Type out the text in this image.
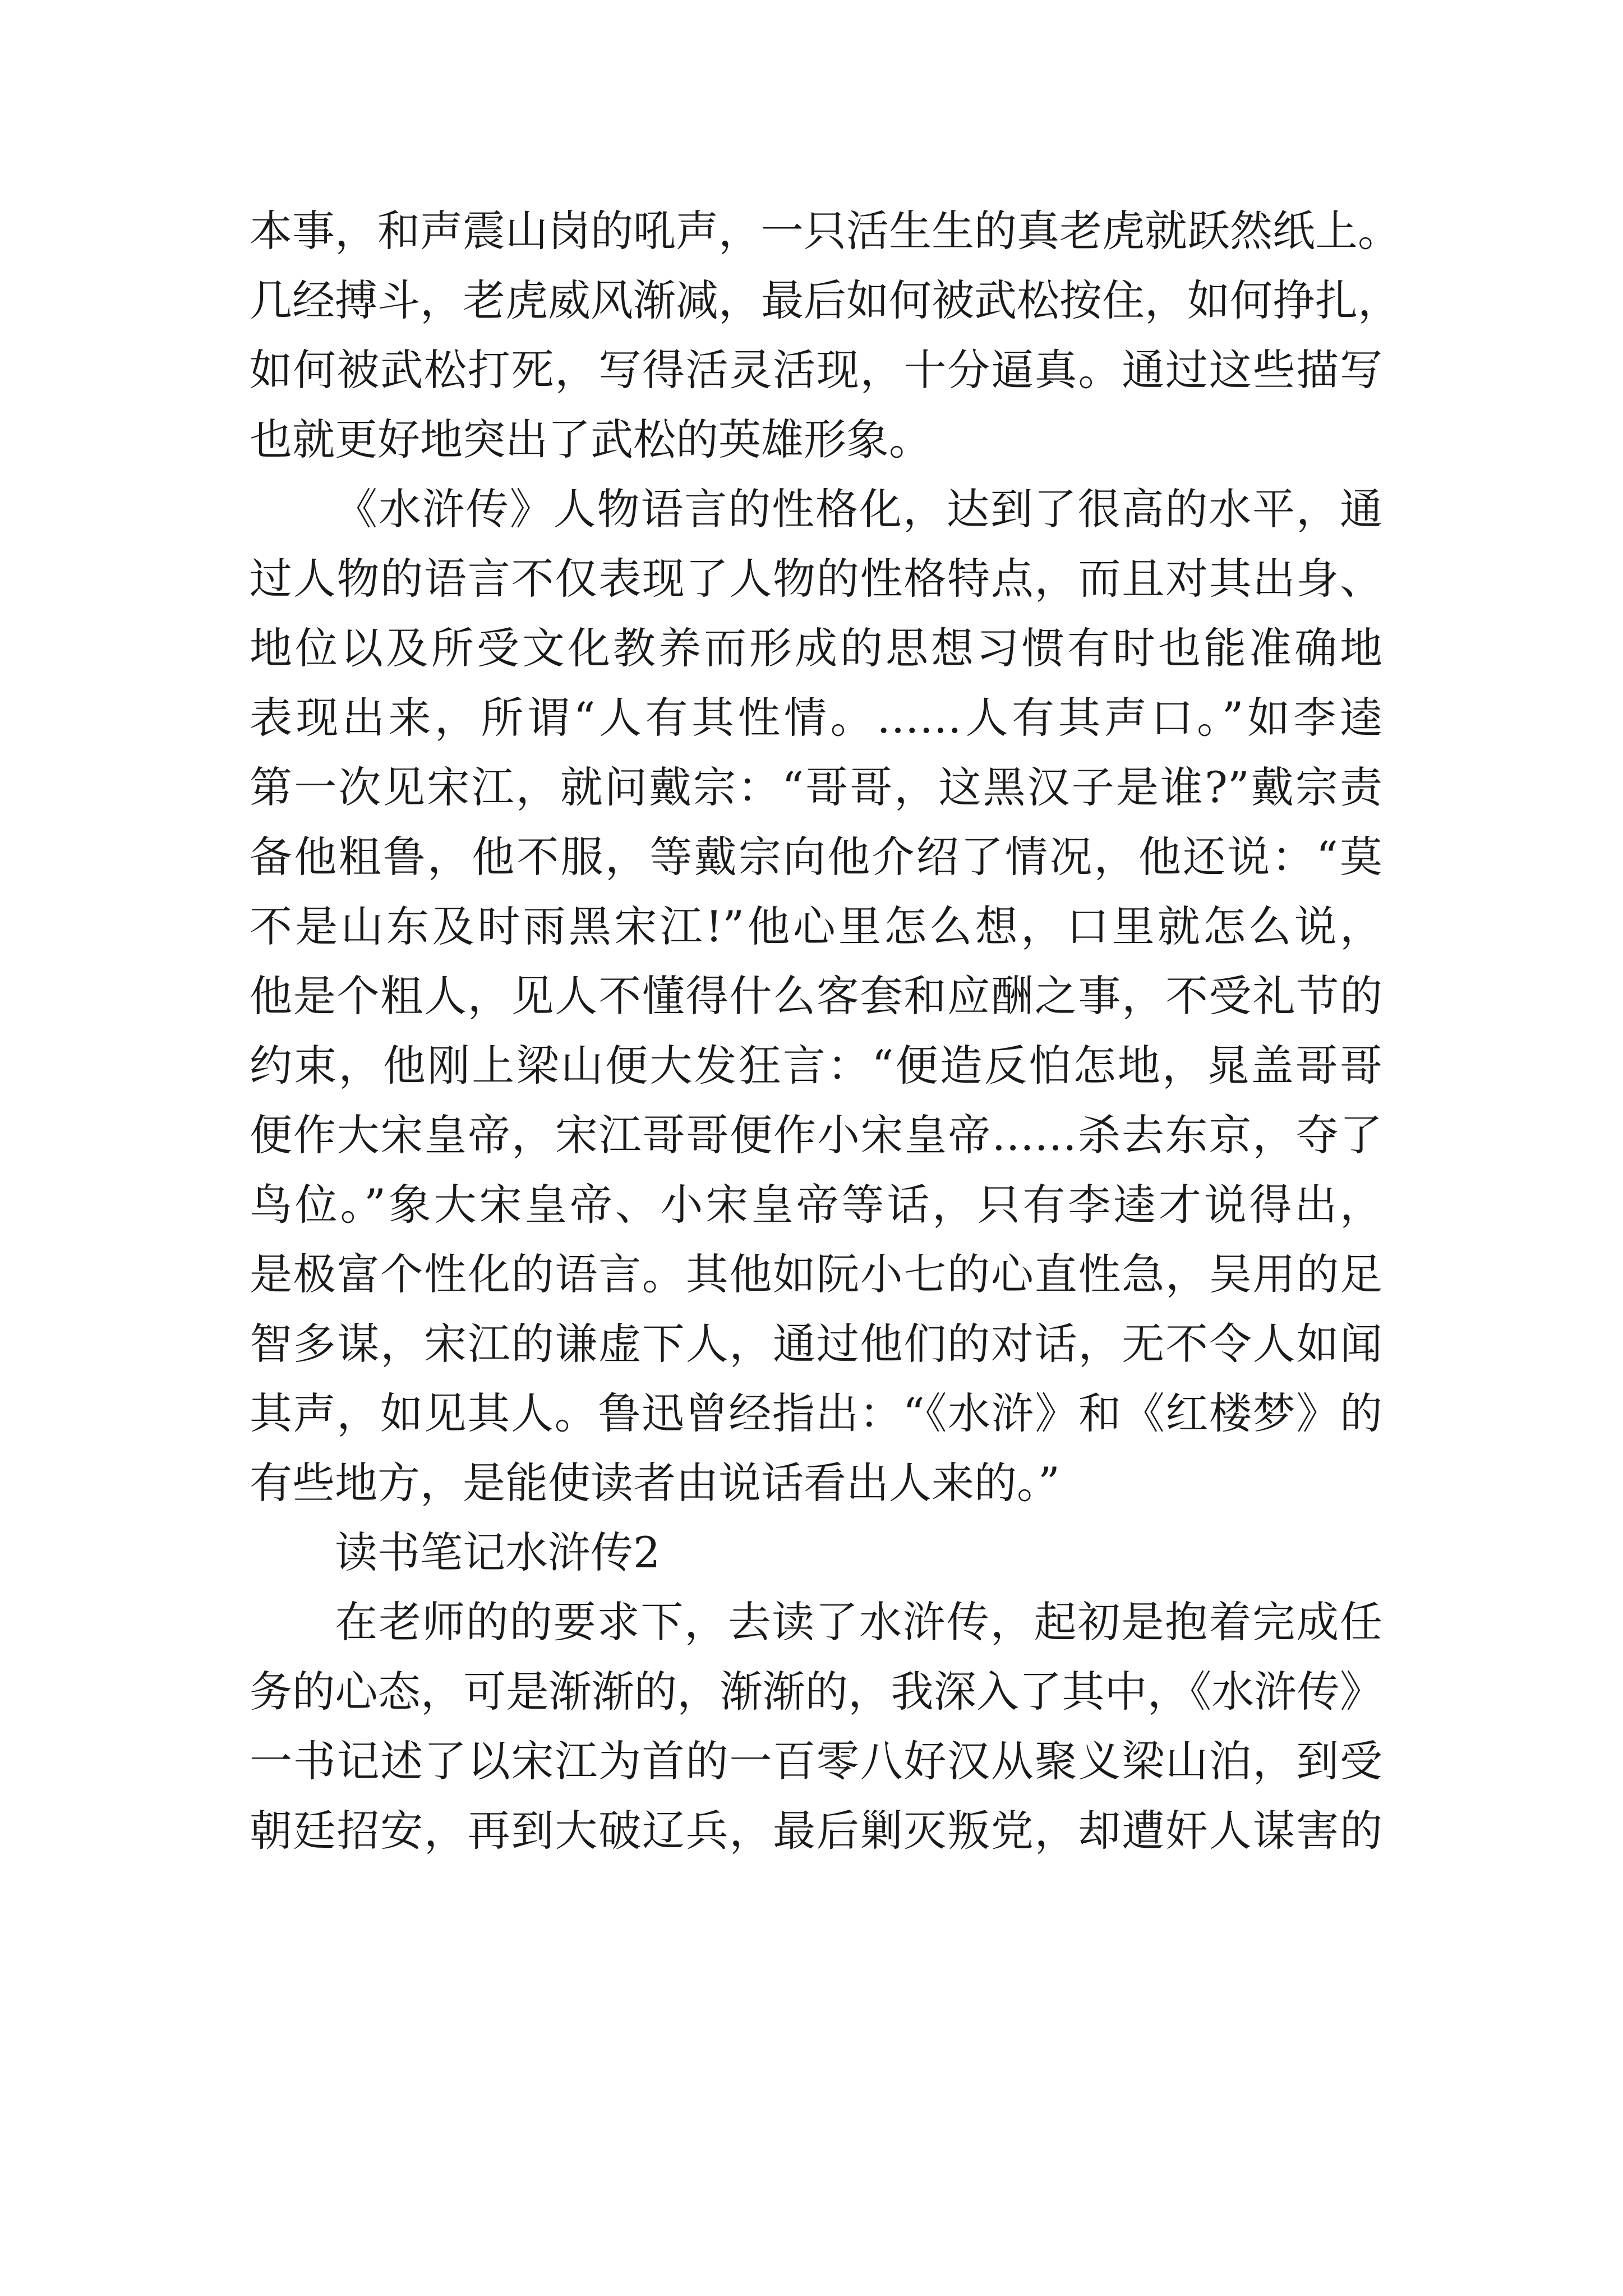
本事，和声震山岗的吼声，一只活生生的真老虎就跃然纸上。
几经搏斗，老虎威风渐减，最后如何被武松按住，如何挣扎，
如何被武松打死，写得活灵活现，十分逼真。通过这些描写
也就更好地突出了武松的英雄形象。
《水浒传》人物语言的性格化，达到了很高的水平，通
过人物的语言不仅表现了人物的性格特点，而且对其出身、
地位以及所受文化教养而形成的思想习惯有时也能准确地
表现出来，所谓“人有其性情。……人有其声口。”如李逵
第一次见宋江，就问戴宗：“哥哥，这黑汉子是谁?”戴宗责
备他粗鲁，他不服，等戴宗向他介绍了情况，他还说：“莫
不是山东及时雨黑宋江!”他心里怎么想，口里就怎么说，
他是个粗人，见人不懂得什么客套和应酬之事，不受礼节的
约束，他刚上梁山便大发狂言：“便造反怕怎地，晁盖哥哥
便作大宋皇帝，宋江哥哥便作小宋皇帝……杀去东京，夺了
鸟位。”象大宋皇帝、小宋皇帝等话，只有李逵才说得出，
是极富个性化的语言。其他如阮小七的心直性急，吴用的足
智多谋，宋江的谦虚下人，通过他们的对话，无不令人如闻
其声，如见其人。鲁迅曾经指出：“《水浒》和《红楼梦》的
有些地方，是能使读者由说话看出人来的。”
读书笔记水浒传2
在老师的的要求下，去读了水浒传，起初是抱着完成任
务的心态，可是渐渐的，渐渐的，我深入了其中，《水浒传》
一书记述了以宋江为首的一百零八好汉从聚义梁山泊，到受
朝廷招安，再到大破辽兵，最后剿灭叛党，却遭奸人谋害的
